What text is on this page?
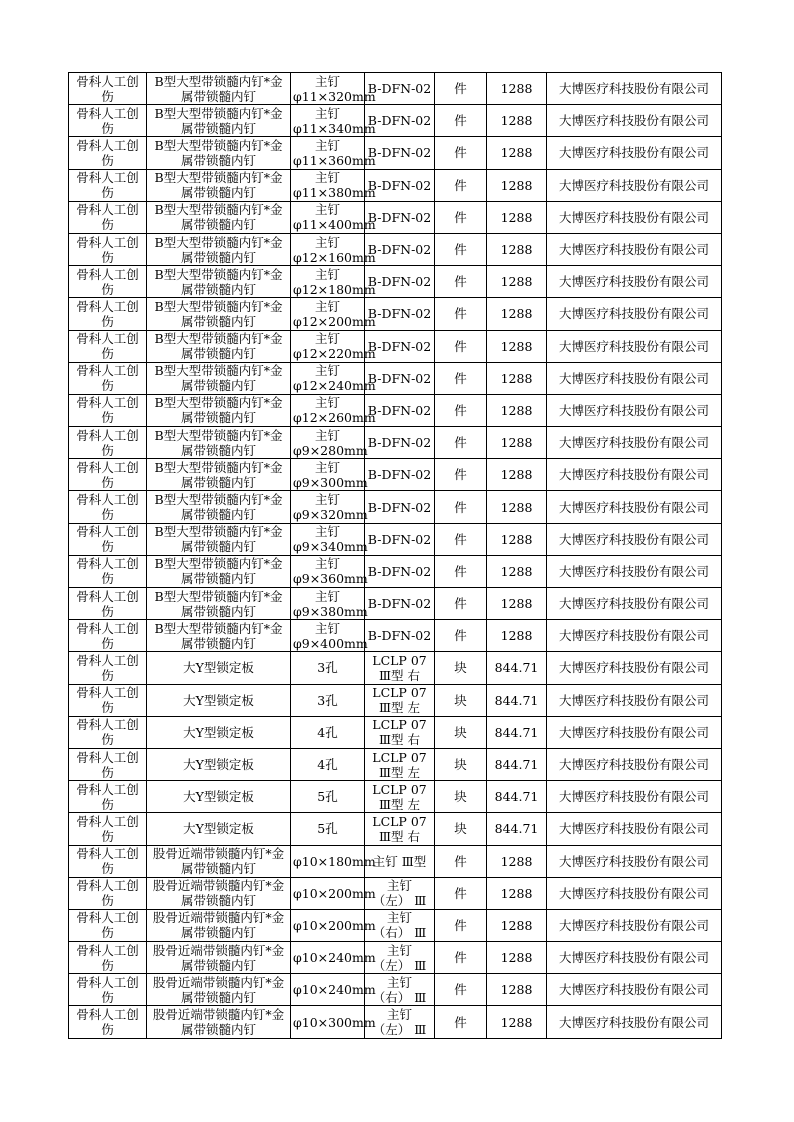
骨科人工创伤	B型大型带锁髓内钉*金属带锁髓内钉	主钉　φ11×320mm	B-DFN-02	件	1288	大博医疗科技股份有限公司
骨科人工创伤	B型大型带锁髓内钉*金属带锁髓内钉	主钉　φ11×340mm	B-DFN-02	件	1288	大博医疗科技股份有限公司
骨科人工创伤	B型大型带锁髓内钉*金属带锁髓内钉	主钉　φ11×360mm	B-DFN-02	件	1288	大博医疗科技股份有限公司
骨科人工创伤	B型大型带锁髓内钉*金属带锁髓内钉	主钉　φ11×380mm	B-DFN-02	件	1288	大博医疗科技股份有限公司
骨科人工创伤	B型大型带锁髓内钉*金属带锁髓内钉	主钉　φ11×400mm	B-DFN-02	件	1288	大博医疗科技股份有限公司
骨科人工创伤	B型大型带锁髓内钉*金属带锁髓内钉	主钉　φ12×160mm	B-DFN-02	件	1288	大博医疗科技股份有限公司
骨科人工创伤	B型大型带锁髓内钉*金属带锁髓内钉	主钉　φ12×180mm	B-DFN-02	件	1288	大博医疗科技股份有限公司
骨科人工创伤	B型大型带锁髓内钉*金属带锁髓内钉	主钉　φ12×200mm	B-DFN-02	件	1288	大博医疗科技股份有限公司
骨科人工创伤	B型大型带锁髓内钉*金属带锁髓内钉	主钉　φ12×220mm	B-DFN-02	件	1288	大博医疗科技股份有限公司
骨科人工创伤	B型大型带锁髓内钉*金属带锁髓内钉	主钉　φ12×240mm	B-DFN-02	件	1288	大博医疗科技股份有限公司
骨科人工创伤	B型大型带锁髓内钉*金属带锁髓内钉	主钉　φ12×260mm	B-DFN-02	件	1288	大博医疗科技股份有限公司
骨科人工创伤	B型大型带锁髓内钉*金属带锁髓内钉	主钉　φ9×280mm	B-DFN-02	件	1288	大博医疗科技股份有限公司
骨科人工创伤	B型大型带锁髓内钉*金属带锁髓内钉	主钉　φ9×300mm	B-DFN-02	件	1288	大博医疗科技股份有限公司
骨科人工创伤	B型大型带锁髓内钉*金属带锁髓内钉	主钉　φ9×320mm	B-DFN-02	件	1288	大博医疗科技股份有限公司
骨科人工创伤	B型大型带锁髓内钉*金属带锁髓内钉	主钉　φ9×340mm	B-DFN-02	件	1288	大博医疗科技股份有限公司
骨科人工创伤	B型大型带锁髓内钉*金属带锁髓内钉	主钉　φ9×360mm	B-DFN-02	件	1288	大博医疗科技股份有限公司
骨科人工创伤	B型大型带锁髓内钉*金属带锁髓内钉	主钉　φ9×380mm	B-DFN-02	件	1288	大博医疗科技股份有限公司
骨科人工创伤	B型大型带锁髓内钉*金属带锁髓内钉	主钉　φ9×400mm	B-DFN-02	件	1288	大博医疗科技股份有限公司
骨科人工创伤	大Y型锁定板	3孔	LCLP 07 Ⅲ型 右	块	844.71	大博医疗科技股份有限公司
骨科人工创伤	大Y型锁定板	3孔	LCLP 07 Ⅲ型 左	块	844.71	大博医疗科技股份有限公司
骨科人工创伤	大Y型锁定板	4孔	LCLP 07 Ⅲ型 右	块	844.71	大博医疗科技股份有限公司
骨科人工创伤	大Y型锁定板	4孔	LCLP 07 Ⅲ型 左	块	844.71	大博医疗科技股份有限公司
骨科人工创伤	大Y型锁定板	5孔	LCLP 07 Ⅲ型 左	块	844.71	大博医疗科技股份有限公司
骨科人工创伤	大Y型锁定板	5孔	LCLP 07 Ⅲ型 右	块	844.71	大博医疗科技股份有限公司
骨科人工创伤	股骨近端带锁髓内钉*金属带锁髓内钉	φ10×180mm	主钉 Ⅲ型	件	1288	大博医疗科技股份有限公司
骨科人工创伤	股骨近端带锁髓内钉*金属带锁髓内钉	φ10×200mm	主钉 （左） Ⅲ	件	1288	大博医疗科技股份有限公司
骨科人工创伤	股骨近端带锁髓内钉*金属带锁髓内钉	φ10×200mm	主钉 （右） Ⅲ	件	1288	大博医疗科技股份有限公司
骨科人工创伤	股骨近端带锁髓内钉*金属带锁髓内钉	φ10×240mm	主钉 （左） Ⅲ	件	1288	大博医疗科技股份有限公司
骨科人工创伤	股骨近端带锁髓内钉*金属带锁髓内钉	φ10×240mm	主钉 （右） Ⅲ	件	1288	大博医疗科技股份有限公司
骨科人工创伤	股骨近端带锁髓内钉*金属带锁髓内钉	φ10×300mm	主钉 （左） Ⅲ	件	1288	大博医疗科技股份有限公司
